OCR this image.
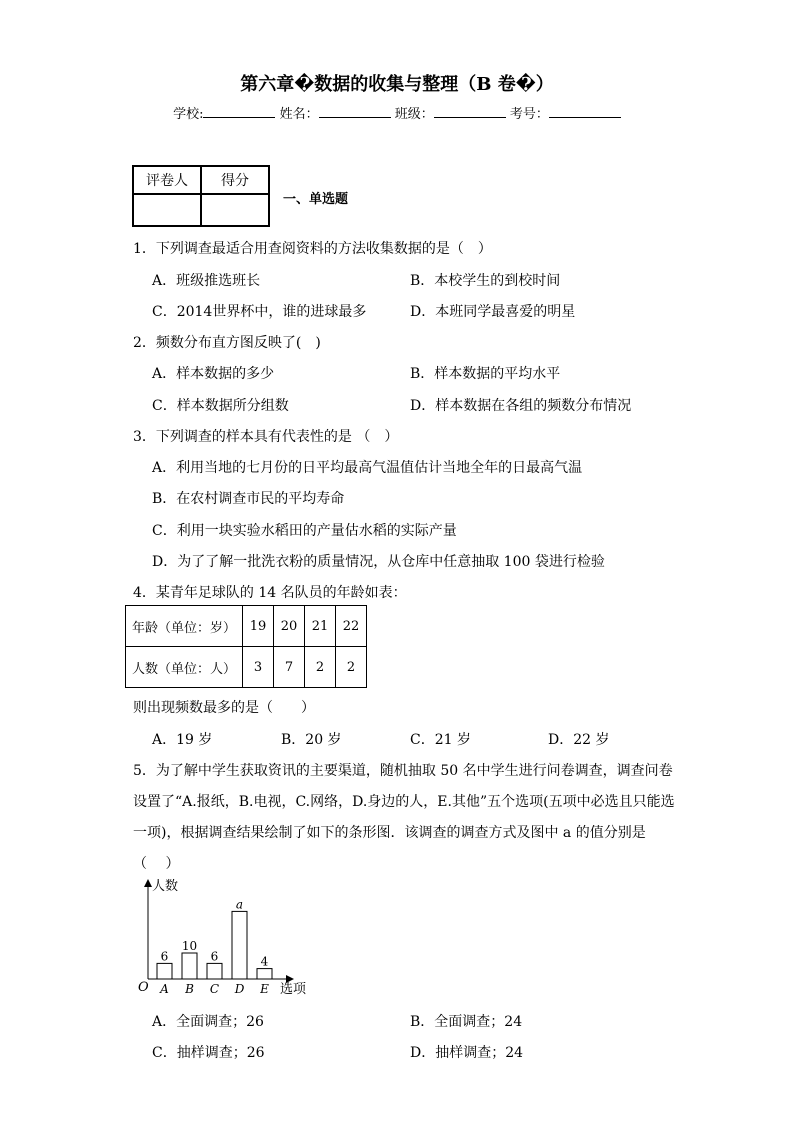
第六章�数据的收集与整理（B 卷�）
学校:	姓名：	班级：	考号：
评卷人	得分

一、单选题
1．下列调查最适合用查阅资料的方法收集数据的是（　）
A．班级推选班长	B．本校学生的到校时间
C．2014世界杯中，谁的进球最多	D．本班同学最喜爱的明星
2．频数分布直方图反映了(　)
A．样本数据的多少	B．样本数据的平均水平
C．样本数据所分组数	D．样本数据在各组的频数分布情况
3．下列调查的样本具有代表性的是 （　）
A．利用当地的七月份的日平均最高气温值估计当地全年的日最高气温
B．在农村调查市民的平均寿命
C．利用一块实验水稻田的产量估水稻的实际产量
D．为了了解一批洗衣粉的质量情况，从仓库中任意抽取 100 袋进行检验
4．某青年足球队的 14 名队员的年龄如表：
年龄（单位：岁）	19	20	21	22
人数（单位：人）	3	7	2	2
则出现频数最多的是（　　）
A．19 岁	B．20 岁	C．21 岁	D．22 岁
5．为了解中学生获取资讯的主要渠道，随机抽取 50 名中学生进行问卷调查，调查问卷
设置了“A.报纸，B.电视，C.网络，D.身边的人，E.其他”五个选项(五项中必选且只能选
一项)，根据调查结果绘制了如下的条形图．该调查的调查方式及图中 a 的值分别是
（　 ）
人数
选项
O
6
A
10
B
6
C
a
D
4
E
A．全面调查；26	B．全面调查；24
C．抽样调查；26	D．抽样调查；24
